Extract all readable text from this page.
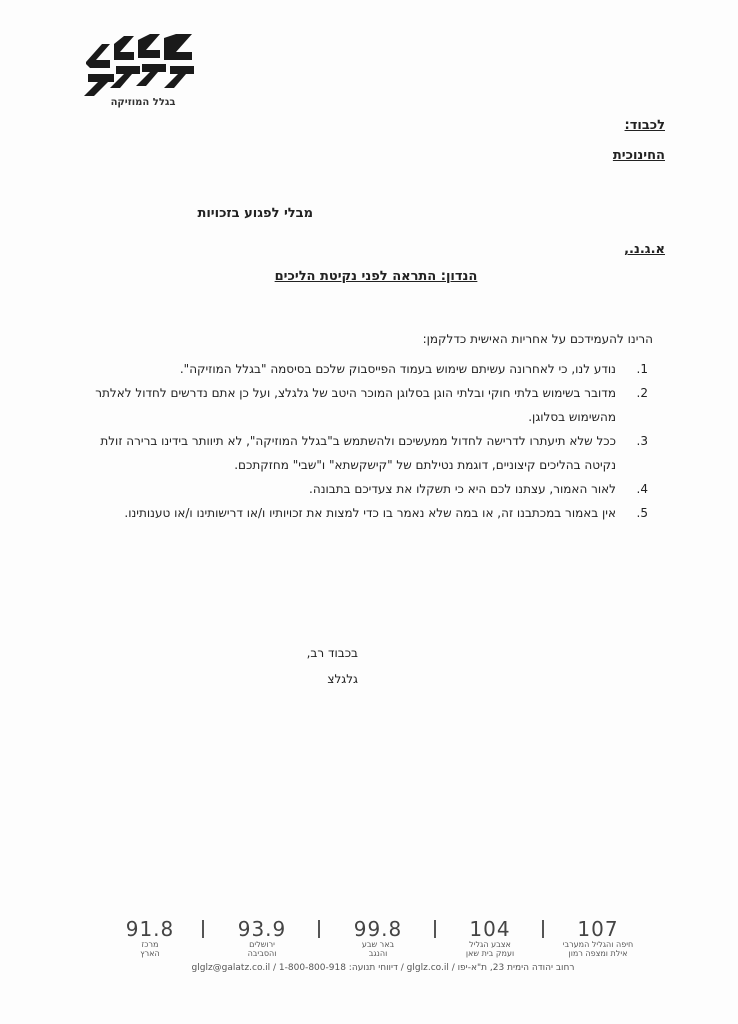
בגלל המוזיקה
לכבוד:
החינוכית
מבלי לפגוע בזכויות
א.ג.נ.,
הנדון: התראה לפני נקיטת הליכים
הרינו להעמידכם על אחריות האישית כדלקמן:
1.
נודע לנו, כי לאחרונה עשיתם שימוש בעמוד הפייסבוק שלכם בסיסמה "בגלל המוזיקה".
2.
מדובר בשימוש בלתי חוקי ובלתי הוגן בסלוגן המוכר היטב של גלגלצ, ועל כן אתם נדרשים לחדול לאלתר מהשימוש בסלוגן.
3.
ככל שלא תיעתרו לדרישה לחדול ממעשיכם ולהשתמש ב"בגלל המוזיקה", לא תיוותר בידינו ברירה זולת נקיטה בהליכים קיצוניים, דוגמת נטילתם של "קישקשתא" ו"שבי" מחזקתכם.
4.
לאור האמור, עצתנו לכם היא כי תשקלו את צעדיכם בתבונה.
5.
אין באמור במכתבנו זה, או במה שלא נאמר בו כדי למצות את זכויותיו ו/או דרישותינו ו/או טענותינו.
בכבוד רב,
גלגלצ
91.8
מרכז
הארץ
93.9
ירושלים
והסביבה
99.8
באר שבע
והנגב
104
אצבע הגליל
ועמק בית שאן
107
חיפה והגליל המערבי
אילת ומצפה רמון
glglz@galatz.co.il / 1-800-800-918 :דיווחי תנועה / glglz.co.il / רחוב יהודה הימית 23, ת"א-יפו
